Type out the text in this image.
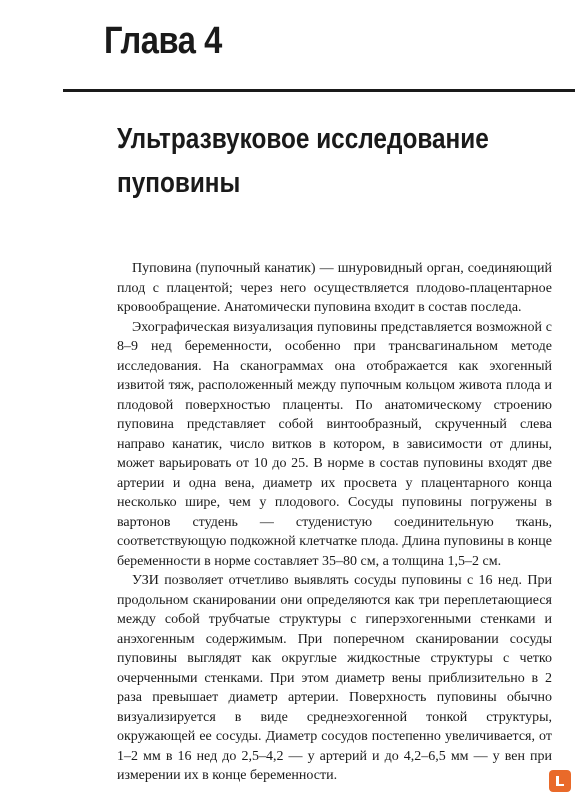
Глава 4
Ультразвуковое исследование
пуповины

Пуповина (пупочный канатик) — шнуровидный орган, соединяющий плод с плацентой; через него осуществляется плодово-плацентарное кровообращение. Анатомически пуповина входит в состав последа.

Эхографическая визуализация пуповины представляется возможной с 8–9 нед беременности, особенно при трансвагинальном методе исследования. На сканограммах она отображается как эхогенный извитой тяж, расположенный между пупочным кольцом живота плода и плодовой поверхностью плаценты. По анатомическому строению пуповина представляет собой винтообразный, скрученный слева направо канатик, число витков в котором, в зависимости от длины, может варьировать от 10 до 25. В норме в состав пуповины входят две артерии и одна вена, диаметр их просвета у плацентарного конца несколько шире, чем у плодового. Сосуды пуповины погружены в вартонов студень — студенистую соединительную ткань, соответствующую подкожной клетчатке плода. Длина пуповины в конце беременности в норме составляет 35–80 см, а толщина 1,5–2 см.

УЗИ позволяет отчетливо выявлять сосуды пуповины с 16 нед. При продольном сканировании они определяются как три переплетающиеся между собой трубчатые структуры с гиперэхогенными стенками и анэхогенным содержимым. При поперечном сканировании сосуды пуповины выглядят как округлые жидкостные структуры с четко очерченными стенками. При этом диаметр вены приблизительно в 2 раза превышает диаметр артерии. Поверхность пуповины обычно визуализируется в виде среднеэхогенной тонкой структуры, окружающей ее сосуды. Диаметр сосудов постепенно увеличивается, от 1–2 мм в 16 нед до 2,5–4,2 — у артерий и до 4,2–6,5 мм — у вен при измерении их в конце беременности.
